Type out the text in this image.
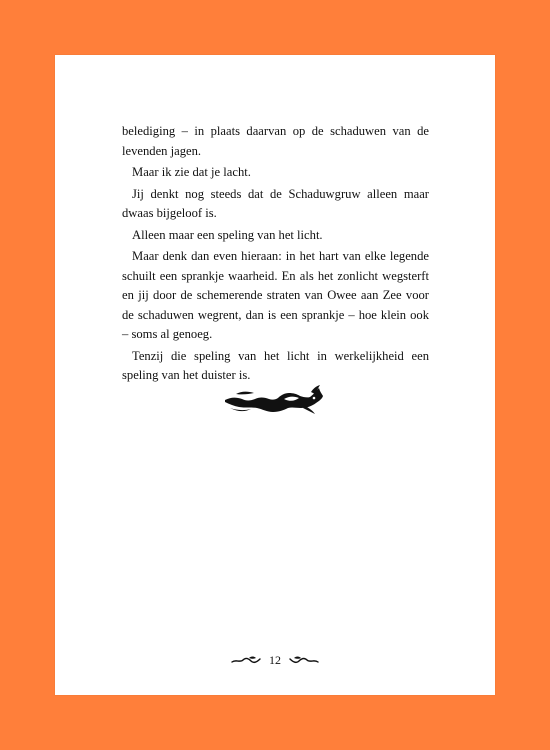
belediging – in plaats daarvan op de schaduwen van de levenden jagen.

Maar ik zie dat je lacht.

Jij denkt nog steeds dat de Schaduwgruw alleen maar dwaas bijgeloof is.

Alleen maar een speling van het licht.

Maar denk dan even hieraan: in het hart van elke legende schuilt een sprankje waarheid. En als het zonlicht wegsterft en jij door de schemerende straten van Owee aan Zee voor de schaduwen wegrent, dan is een sprankje – hoe klein ook – soms al genoeg.

Tenzij die speling van het licht in werkelijkheid een speling van het duister is.

12
